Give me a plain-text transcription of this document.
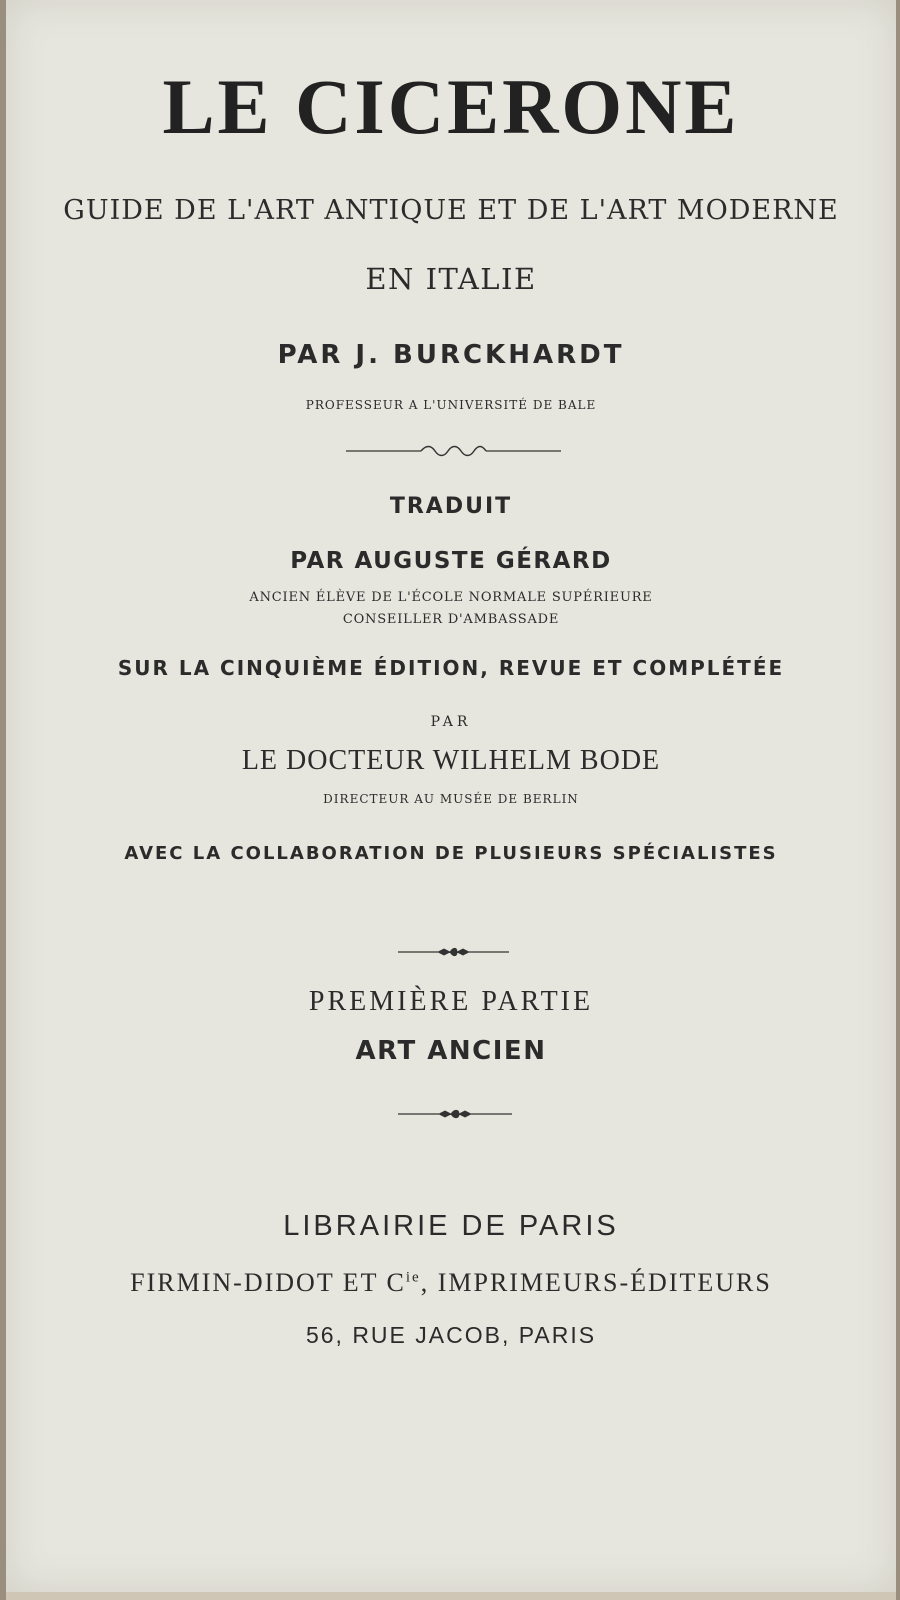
LE CICERONE
GUIDE DE L'ART ANTIQUE ET DE L'ART MODERNE
EN ITALIE
PAR J. BURCKHARDT
PROFESSEUR A L'UNIVERSITÉ DE BALE
TRADUIT
PAR AUGUSTE GÉRARD
ANCIEN ÉLÈVE DE L'ÉCOLE NORMALE SUPÉRIEURE
CONSEILLER D'AMBASSADE
SUR LA CINQUIÈME ÉDITION, REVUE ET COMPLÉTÉE
PAR
LE DOCTEUR WILHELM BODE
DIRECTEUR AU MUSÉE DE BERLIN
AVEC LA COLLABORATION DE PLUSIEURS SPÉCIALISTES
PREMIÈRE PARTIE
ART ANCIEN
LIBRAIRIE DE PARIS
FIRMIN-DIDOT ET $C^{ie}$, IMPRIMEURS-ÉDITEURS
56, RUE JACOB, PARIS
